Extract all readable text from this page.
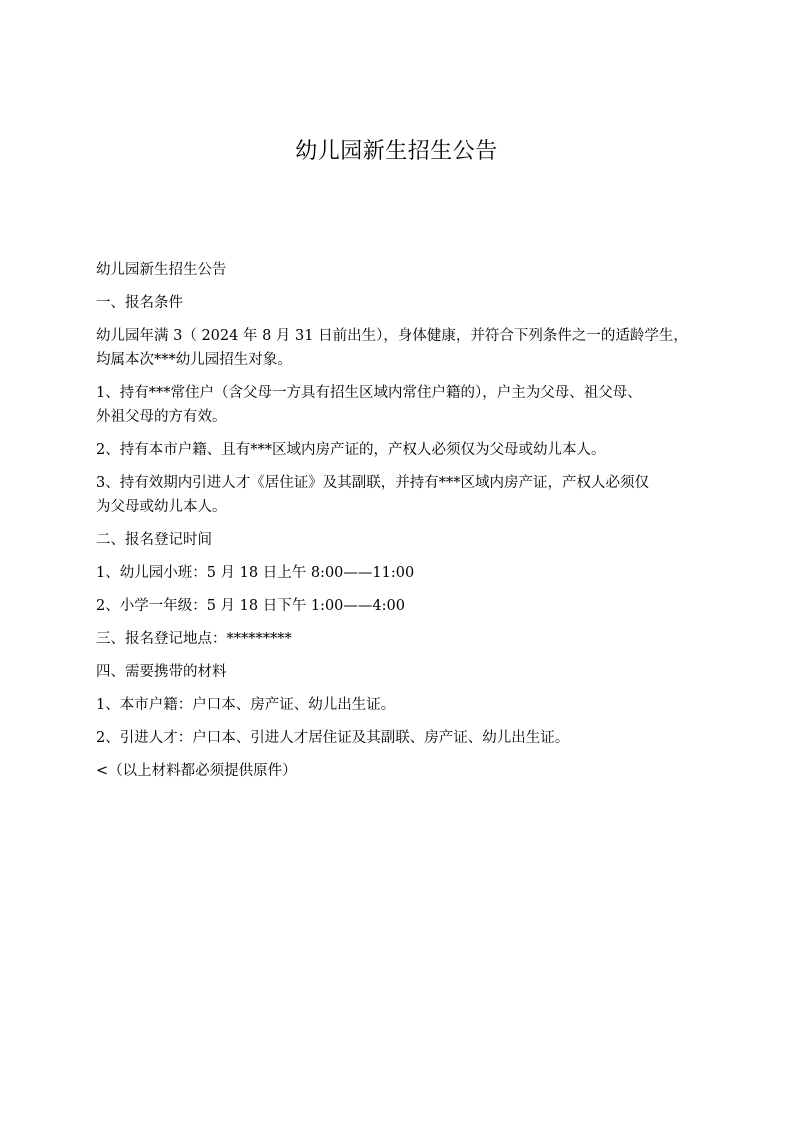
幼儿园新生招生公告

幼儿园新生招生公告

一、报名条件

幼儿园年满 3（ 2024 年 8 月 31 日前出生），身体健康，并符合下列条件之一的适龄学生，
均属本次***幼儿园招生对象。

1、持有***常住户（含父母一方具有招生区域内常住户籍的），户主为父母、祖父母、
外祖父母的方有效。

2、持有本市户籍、且有***区域内房产证的，产权人必须仅为父母或幼儿本人。

3、持有效期内引进人才《居住证》及其副联，并持有***区域内房产证，产权人必须仅
为父母或幼儿本人。

二、报名登记时间

1、幼儿园小班：5 月 18 日上午 8:00——11:00

2、小学一年级：5 月 18 日下午 1:00——4:00

三、报名登记地点：*********

四、需要携带的材料

1、本市户籍：户口本、房产证、幼儿出生证。

2、引进人才：户口本、引进人才居住证及其副联、房产证、幼儿出生证。

<（以上材料都必须提供原件）
